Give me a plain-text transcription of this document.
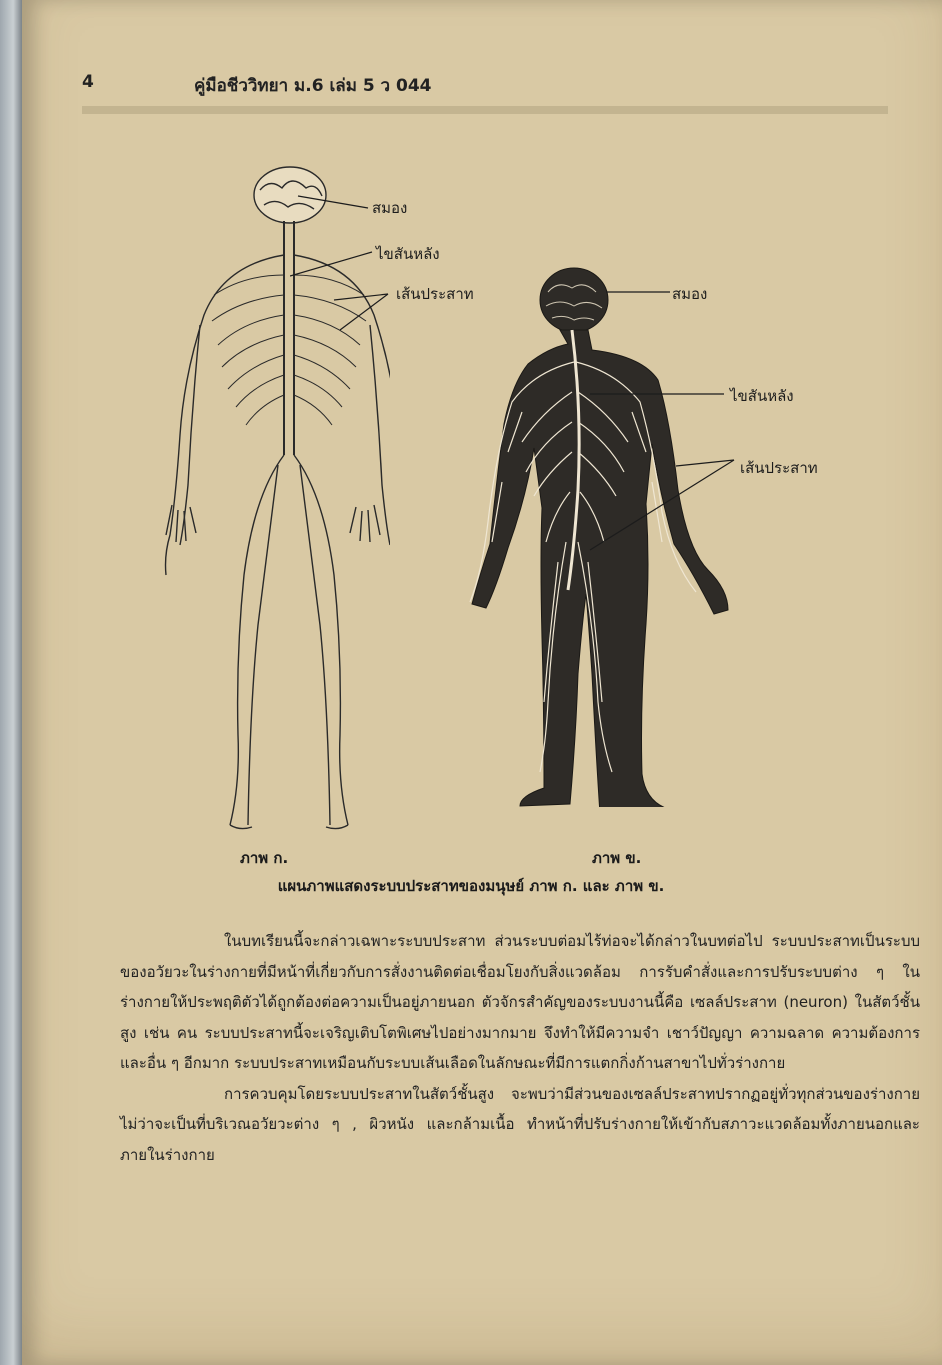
4	คู่มือชีววิทยา ม.6 เล่ม 5 ว 044
สมอง
ไขสันหลัง
เส้นประสาท	สมอง
ไขสันหลัง
เส้นประสาท
ภาพ ก.	ภาพ ข.
แผนภาพแสดงระบบประสาทของมนุษย์ ภาพ ก. และ ภาพ ข.

ในบทเรียนนี้จะกล่าวเฉพาะระบบประสาท ส่วนระบบต่อมไร้ท่อจะได้กล่าวในบทต่อไป ระบบประสาทเป็นระบบของอวัยวะในร่างกายที่มีหน้าที่เกี่ยวกับการสั่งงานติดต่อเชื่อมโยงกับสิ่งแวดล้อม การรับคำสั่งและการปรับระบบต่าง ๆ ในร่างกายให้ประพฤติตัวได้ถูกต้องต่อความเป็นอยู่ภายนอก ตัวจักรสำคัญของระบบงานนี้คือ เซลล์ประสาท (neuron) ในสัตว์ชั้นสูง เช่น คน ระบบประสาทนี้จะเจริญเติบโตพิเศษไปอย่างมากมาย จึงทำให้มีความจำ เชาว์ปัญญา ความฉลาด ความต้องการ และอื่น ๆ อีกมาก ระบบประสาทเหมือนกับระบบเส้นเลือดในลักษณะที่มีการแตกกิ่งก้านสาขาไปทั่วร่างกาย

การควบคุมโดยระบบประสาทในสัตว์ชั้นสูง จะพบว่ามีส่วนของเซลล์ประสาทปรากฏอยู่ทั่วทุกส่วนของร่างกายไม่ว่าจะเป็นที่บริเวณอวัยวะต่าง ๆ , ผิวหนัง และกล้ามเนื้อ ทำหน้าที่ปรับร่างกายให้เข้ากับสภาวะแวดล้อมทั้งภายนอกและภายในร่างกาย
